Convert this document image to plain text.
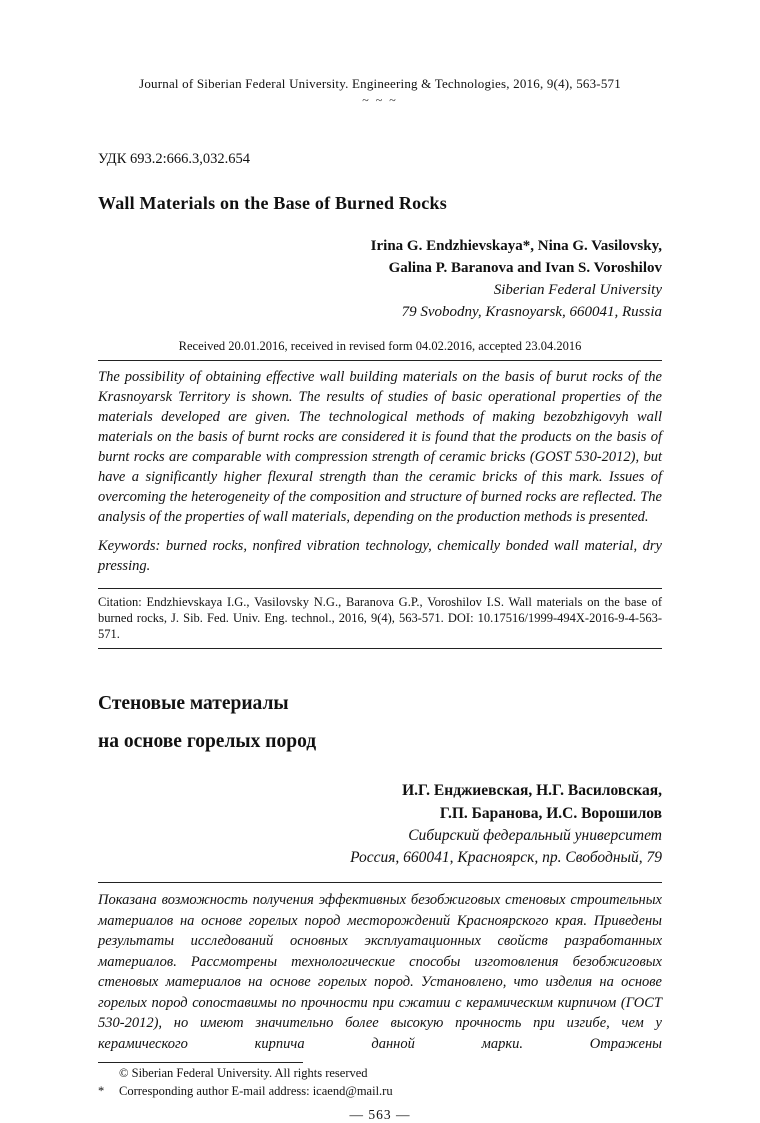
Journal of Siberian Federal University. Engineering & Technologies, 2016, 9(4), 563-571
~ ~ ~
УДК 693.2:666.3,032.654
Wall Materials on the Base of Burned Rocks
Irina G. Endzhievskaya*, Nina G. Vasilovsky,
Galina P. Baranova and Ivan S. Voroshilov
Siberian Federal University
79 Svobodny, Krasnoyarsk, 660041, Russia
Received 20.01.2016, received in revised form 04.02.2016, accepted 23.04.2016

The possibility of obtaining effective wall building materials on the basis of burut rocks of the Krasnoyarsk Territory is shown. The results of studies of basic operational properties of the materials developed are given. The technological methods of making bezobzhigovyh wall materials on the basis of burnt rocks are considered it is found that the products on the basis of burnt rocks are comparable with compression strength of ceramic bricks (GOST 530-2012), but have a significantly higher flexural strength than the ceramic bricks of this mark. Issues of overcoming the heterogeneity of the composition and structure of burned rocks are reflected. The analysis of the properties of wall materials, depending on the production methods is presented.

Keywords: burned rocks, nonfired vibration technology, chemically bonded wall material, dry pressing.

Citation: Endzhievskaya I.G., Vasilovsky N.G., Baranova G.P., Voroshilov I.S. Wall materials on the base of burned rocks, J. Sib. Fed. Univ. Eng. technol., 2016, 9(4), 563-571. DOI: 10.17516/1999-494X-2016-9-4-563-571.

Стеновые материалы
на основе горелых пород
И.Г. Енджиевская, Н.Г. Василовская,
Г.П. Баранова, И.С. Ворошилов
Сибирский федеральный университет
Россия, 660041, Красноярск, пр. Свободный, 79

Показана возможность получения эффективных безобжиговых стеновых строительных материалов на основе горелых пород месторождений Красноярского края. Приведены результаты исследований основных эксплуатационных свойств разработанных материалов. Рассмотрены технологические способы изготовления безобжиговых стеновых материалов на основе горелых пород. Установлено, что изделия на основе горелых пород сопоставимы по прочности при сжатии с керамическим кирпичом (ГОСТ 530-2012), но имеют значительно более высокую прочность при изгибе, чем у керамического кирпича данной марки. Отражены

© Siberian Federal University. All rights reserved
*	Corresponding author E-mail address: icaend@mail.ru
— 563 —
